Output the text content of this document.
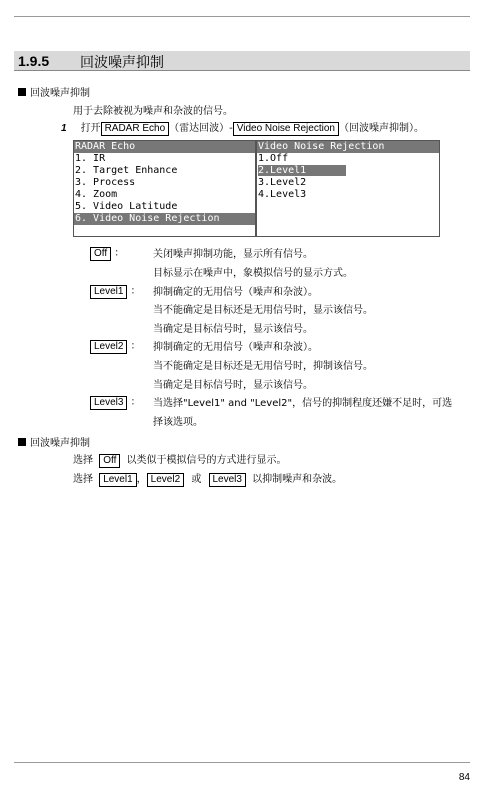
1.9.5 回波噪声抑制
回波噪声抑制
用于去除被视为噪声和杂波的信号。
1 打开 RADAR Echo （雷达回波）- Video Noise Rejection （回波噪声抑制）。
RADAR Echo
1. IR
2. Target Enhance
3. Process
4. Zoom
5. Video Latitude
6. Video Noise Rejection
Video Noise Rejection
1.Off
2.Level1
3.Level2
4.Level3
Off ：	关闭噪声抑制功能，显示所有信号。
目标显示在噪声中，象模拟信号的显示方式。
Level1 ： 抑制确定的无用信号（噪声和杂波）。
当不能确定是目标还是无用信号时，显示该信号。
当确定是目标信号时，显示该信号。
Level2 ： 抑制确定的无用信号（噪声和杂波）。
当不能确定是目标还是无用信号时，抑制该信号。
当确定是目标信号时，显示该信号。
Level3 ： 当选择"Level1" and "Level2"，信号的抑制程度还嫌不足时，可选
择该选项。
回波噪声抑制
选择 Off 以类似于模拟信号的方式进行显示。
选择 Level1 ， Level2 或 Level3 以抑制噪声和杂波。
84
